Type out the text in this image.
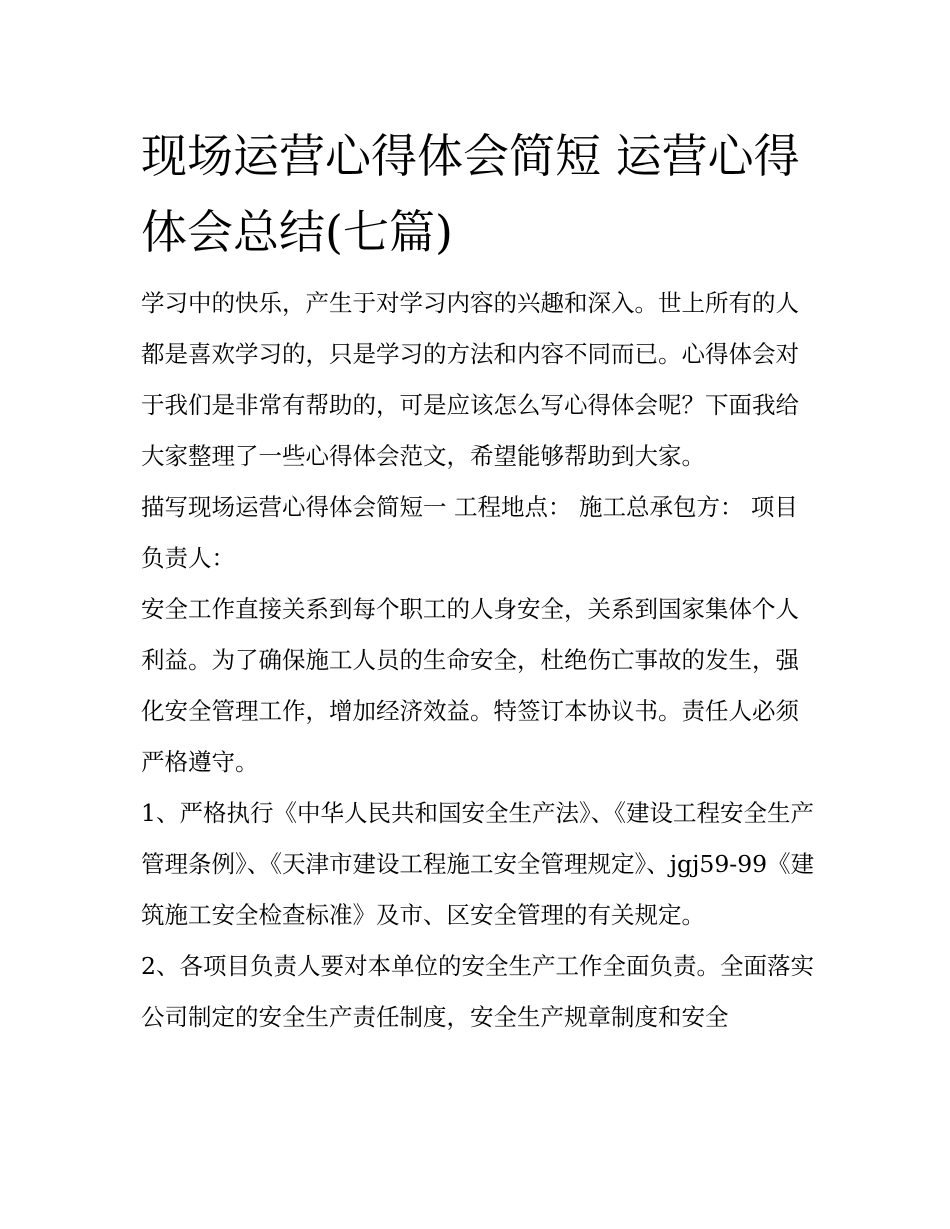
现场运营心得体会简短 运营心得体会总结(七篇)

学习中的快乐，产生于对学习内容的兴趣和深入。世上所有的人都是喜欢学习的，只是学习的方法和内容不同而已。心得体会对于我们是非常有帮助的，可是应该怎么写心得体会呢？下面我给大家整理了一些心得体会范文，希望能够帮助到大家。

描写现场运营心得体会简短一 工程地点： 施工总承包方： 项目负责人：

安全工作直接关系到每个职工的人身安全，关系到国家集体个人利益。为了确保施工人员的生命安全，杜绝伤亡事故的发生，强化安全管理工作，增加经济效益。特签订本协议书。责任人必须严格遵守。

1、严格执行《中华人民共和国安全生产法》、《建设工程安全生产管理条例》、《天津市建设工程施工安全管理规定》、jgj59-99《建筑施工安全检查标准》及市、区安全管理的有关规定。

2、各项目负责人要对本单位的安全生产工作全面负责。全面落实公司制定的安全生产责任制度，安全生产规章制度和安全
